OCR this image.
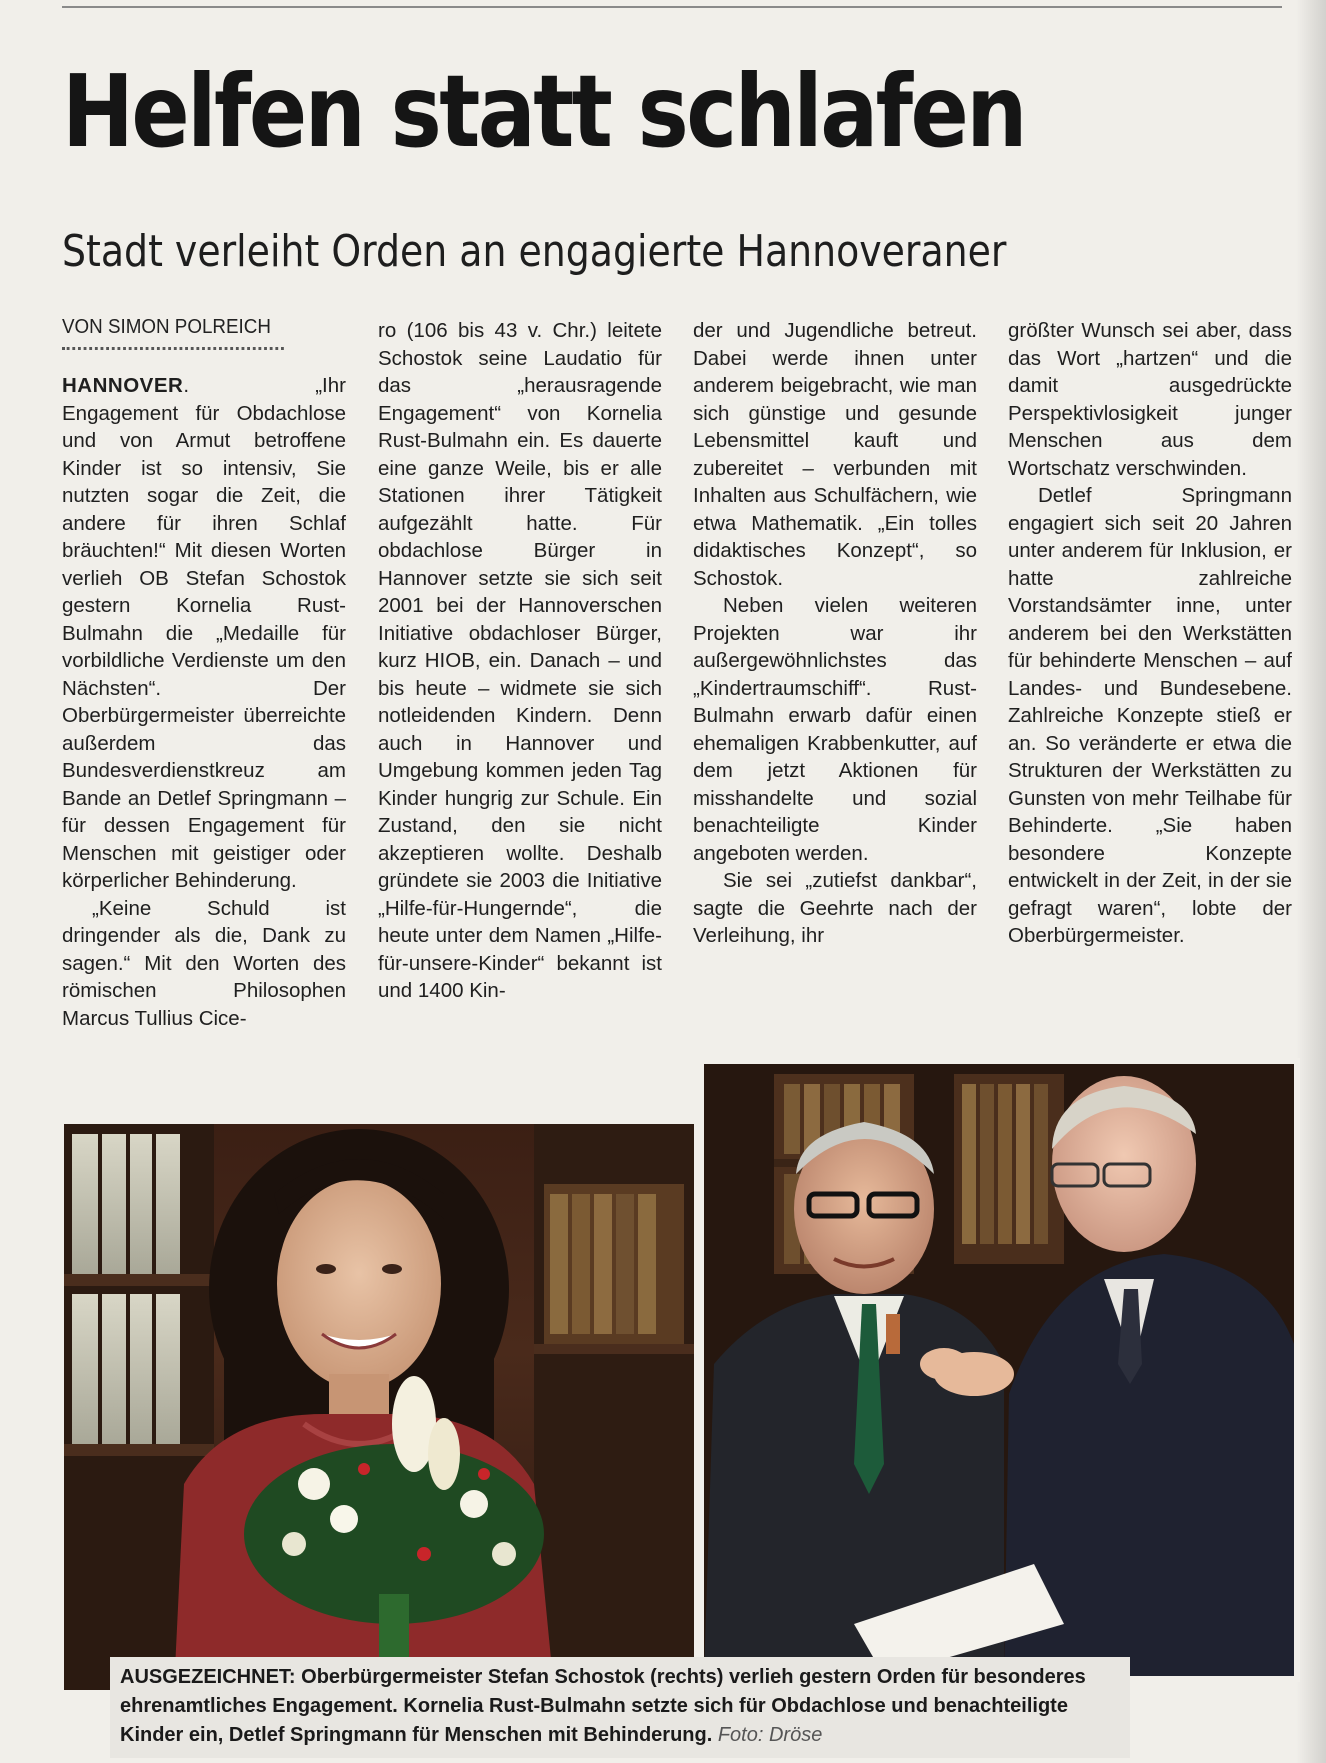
Helfen statt schlafen
Stadt verleiht Orden an engagierte Hannoveraner
VON SIMON POLREICH

HANNOVER. „Ihr Engagement für Obdachlose und von Armut betroffene Kinder ist so intensiv, Sie nutzten sogar die Zeit, die andere für ihren Schlaf bräuchten!“ Mit diesen Worten verlieh OB Stefan Schostok gestern Kornelia Rust-Bulmahn die „Medaille für vorbildliche Verdienste um den Nächsten“. Der Oberbürgermeister überreichte außerdem das Bundesverdienstkreuz am Bande an Detlef Springmann – für dessen Engagement für Menschen mit geistiger oder körperlicher Behinderung.

„Keine Schuld ist dringender als die, Dank zu sagen.“ Mit den Worten des römischen Philosophen Marcus Tullius Cice-

ro (106 bis 43 v. Chr.) leitete Schostok seine Laudatio für das „herausragende Engagement“ von Kornelia Rust-Bulmahn ein. Es dauerte eine ganze Weile, bis er alle Stationen ihrer Tätigkeit aufgezählt hatte. Für obdachlose Bürger in Hannover setzte sie sich seit 2001 bei der Hannoverschen Initiative obdachloser Bürger, kurz HIOB, ein. Danach – und bis heute – widmete sie sich notleidenden Kindern. Denn auch in Hannover und Umgebung kommen jeden Tag Kinder hungrig zur Schule. Ein Zustand, den sie nicht akzeptieren wollte. Deshalb gründete sie 2003 die Initiative „Hilfe-für-Hungernde“, die heute unter dem Namen „Hilfe-für-unsere-Kinder“ bekannt ist und 1400 Kin-

der und Jugendliche betreut. Dabei werde ihnen unter anderem beigebracht, wie man sich günstige und gesunde Lebensmittel kauft und zubereitet – verbunden mit Inhalten aus Schulfächern, wie etwa Mathematik. „Ein tolles didaktisches Konzept“, so Schostok.

Neben vielen weiteren Projekten war ihr außergewöhnlichstes das „Kindertraumschiff“. Rust-Bulmahn erwarb dafür einen ehemaligen Krabbenkutter, auf dem jetzt Aktionen für misshandelte und sozial benachteiligte Kinder angeboten werden.

Sie sei „zutiefst dankbar“, sagte die Geehrte nach der Verleihung, ihr

größter Wunsch sei aber, dass das Wort „hartzen“ und die damit ausgedrückte Perspektivlosigkeit junger Menschen aus dem Wortschatz verschwinden.

Detlef Springmann engagiert sich seit 20 Jahren unter anderem für Inklusion, er hatte zahlreiche Vorstandsämter inne, unter anderem bei den Werkstätten für behinderte Menschen – auf Landes- und Bundesebene. Zahlreiche Konzepte stieß er an. So veränderte er etwa die Strukturen der Werkstätten zu Gunsten von mehr Teilhabe für Behinderte. „Sie haben besondere Konzepte entwickelt in der Zeit, in der sie gefragt waren“, lobte der Oberbürgermeister.

AUSGEZEICHNET: Oberbürgermeister Stefan Schostok (rechts) verlieh gestern Orden für besonderes ehrenamtliches Engagement. Kornelia Rust-Bulmahn setzte sich für Obdachlose und benachteiligte Kinder ein, Detlef Springmann für Menschen mit Behinderung. Foto: Dröse
